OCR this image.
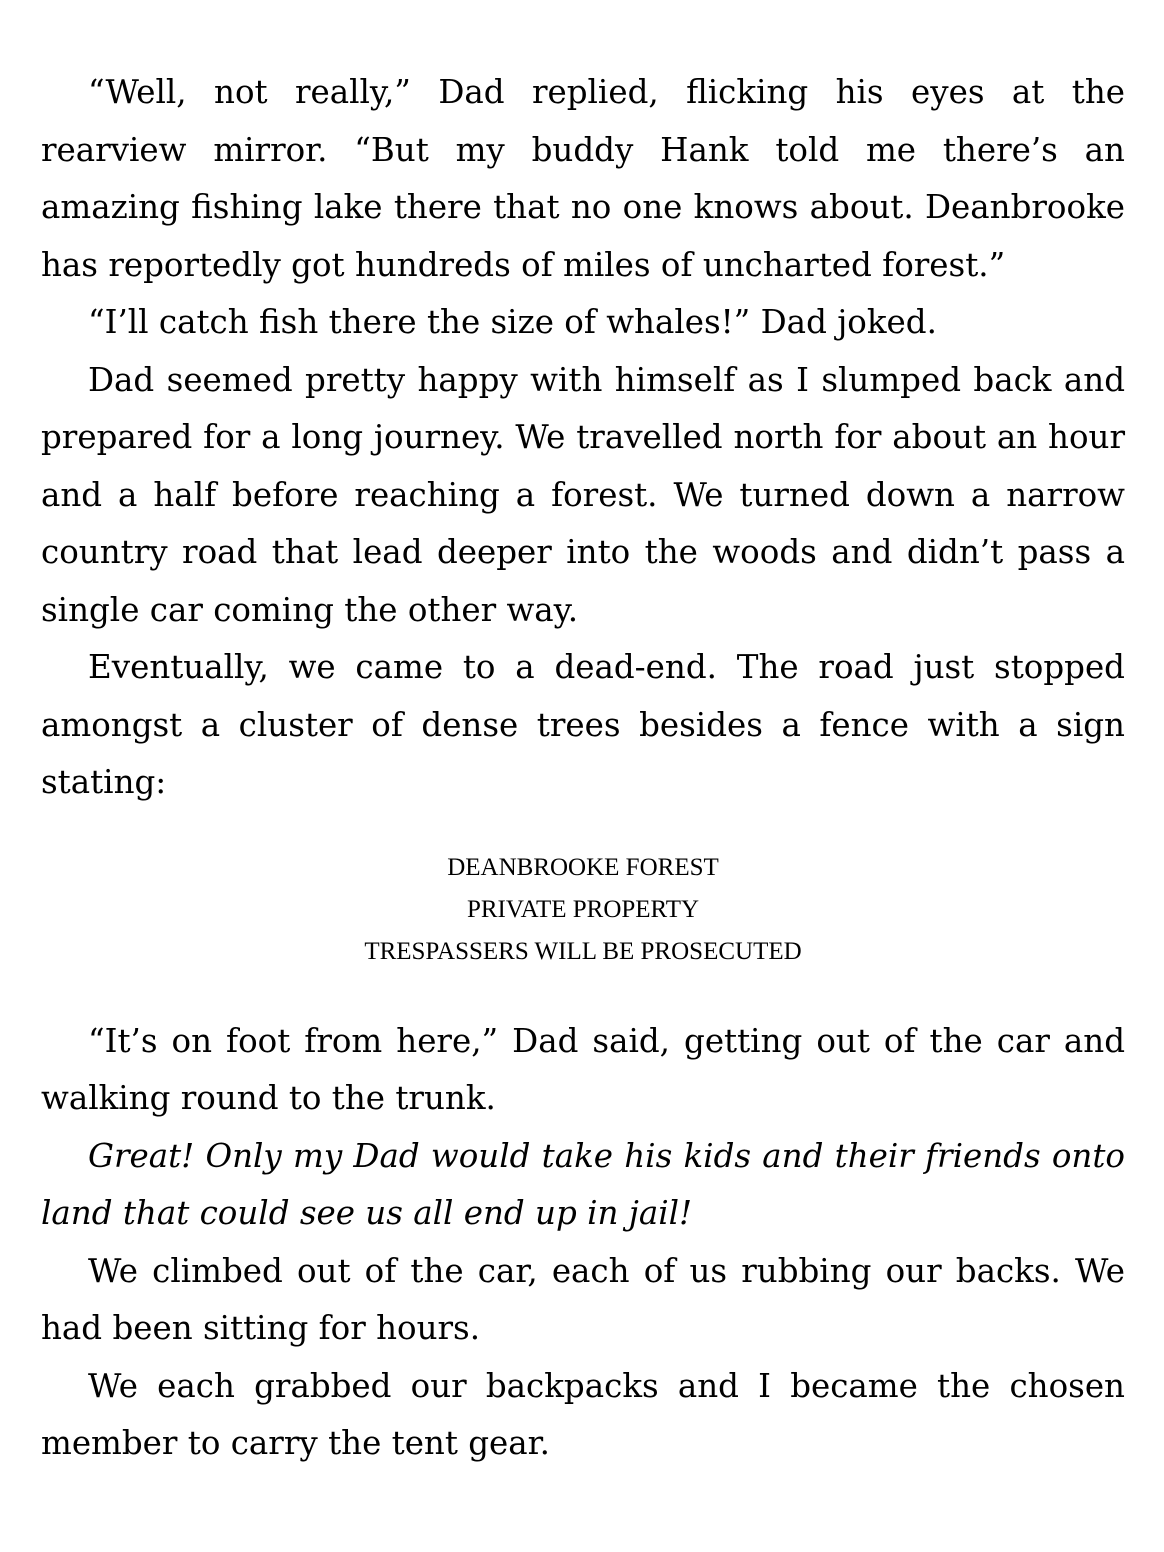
“Well, not really,” Dad replied, flicking his eyes at the rearview mirror. “But my buddy Hank told me there’s an amazing fishing lake there that no one knows about. Deanbrooke has reportedly got hundreds of miles of uncharted forest.”

“I’ll catch fish there the size of whales!” Dad joked.

Dad seemed pretty happy with himself as I slumped back and prepared for a long journey. We travelled north for about an hour and a half before reaching a forest. We turned down a narrow country road that lead deeper into the woods and didn’t pass a single car coming the other way.

Eventually, we came to a dead-end. The road just stopped amongst a cluster of dense trees besides a fence with a sign stating:

DEANBROOKE FOREST
PRIVATE PROPERTY
TRESPASSERS WILL BE PROSECUTED

“It’s on foot from here,” Dad said, getting out of the car and walking round to the trunk.

Great! Only my Dad would take his kids and their friends onto land that could see us all end up in jail!

We climbed out of the car, each of us rubbing our backs. We had been sitting for hours.

We each grabbed our backpacks and I became the chosen member to carry the tent gear.
